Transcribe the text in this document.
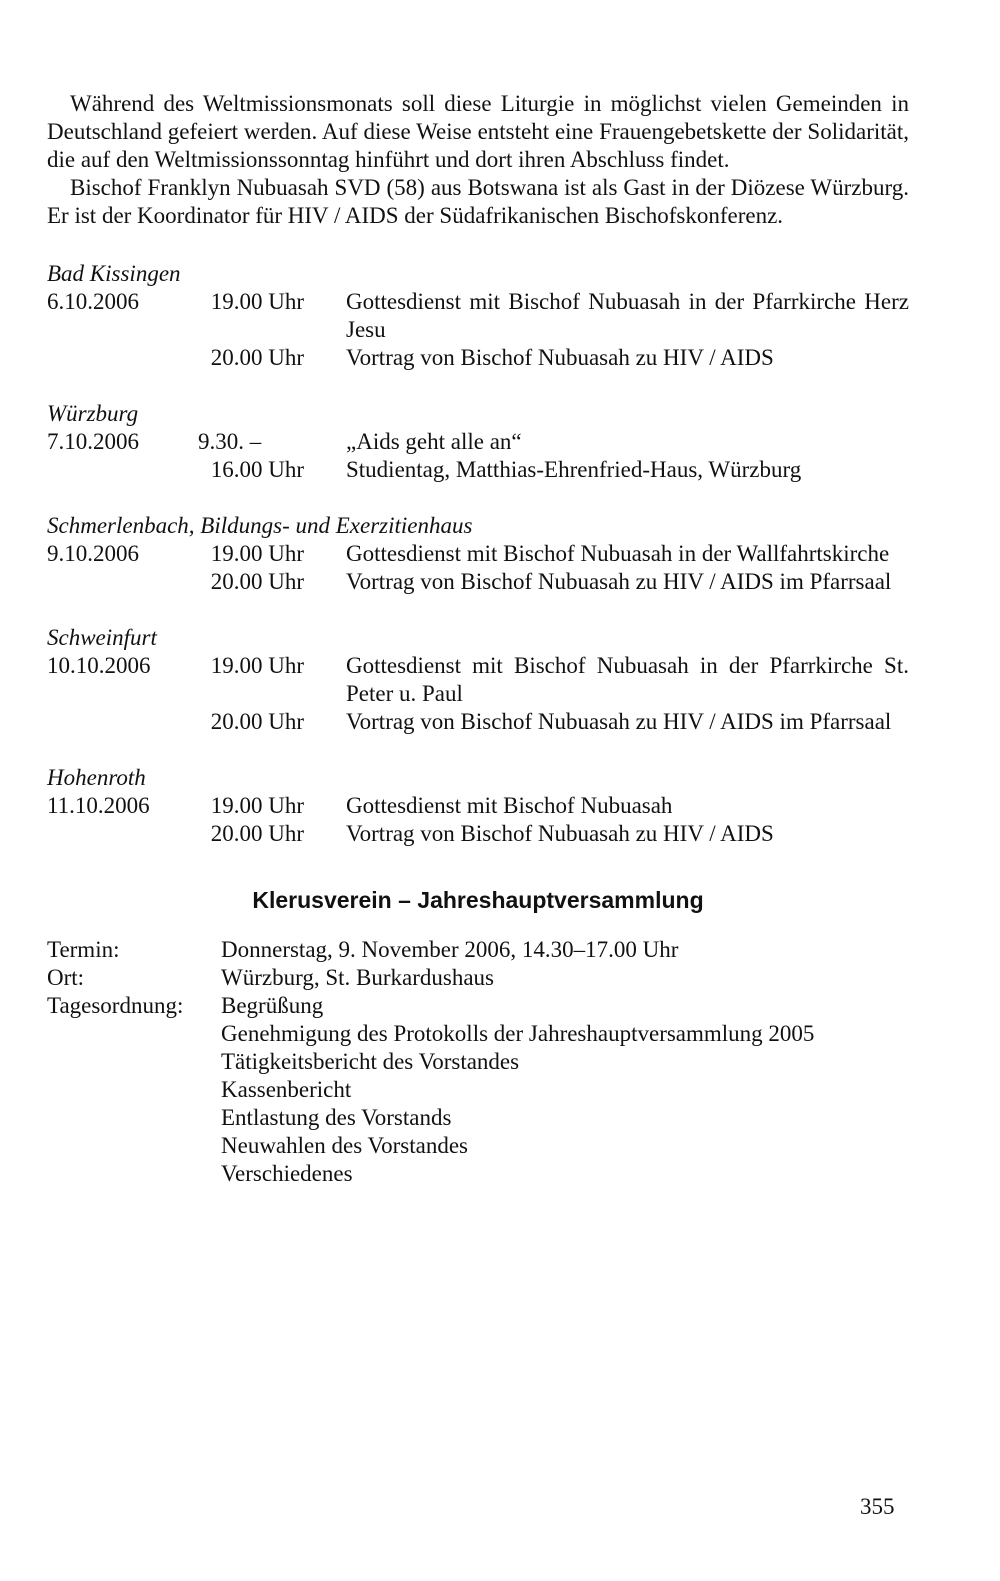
Während des Weltmissionsmonats soll diese Liturgie in möglichst vielen Gemeinden in Deutschland gefeiert werden. Auf diese Weise entsteht eine Frauengebetskette der Solidarität, die auf den Weltmissionssonntag hinführt und dort ihren Abschluss findet.

Bischof Franklyn Nubuasah SVD (58) aus Botswana ist als Gast in der Diözese Würzburg. Er ist der Koordinator für HIV / AIDS der Südafrikanischen Bischofskonferenz.

Bad Kissingen
6.10.2006	19.00 Uhr	Gottesdienst mit Bischof Nubuasah in der Pfarrkirche Herz Jesu
20.00 Uhr	Vortrag von Bischof Nubuasah zu HIV / AIDS
Würzburg
7.10.2006	9.30. –	„Aids geht alle an“
16.00 Uhr	Studientag, Matthias-Ehrenfried-Haus, Würzburg
Schmerlenbach, Bildungs- und Exerzitienhaus
9.10.2006	19.00 Uhr	Gottesdienst mit Bischof Nubuasah in der Wallfahrtskirche
20.00 Uhr	Vortrag von Bischof Nubuasah zu HIV / AIDS im Pfarrsaal
Schweinfurt
10.10.2006	19.00 Uhr	Gottesdienst mit Bischof Nubuasah in der Pfarrkirche St. Peter u. Paul
20.00 Uhr	Vortrag von Bischof Nubuasah zu HIV / AIDS im Pfarrsaal
Hohenroth
11.10.2006	19.00 Uhr	Gottesdienst mit Bischof Nubuasah
20.00 Uhr	Vortrag von Bischof Nubuasah zu HIV / AIDS
Klerusverein – Jahreshauptversammlung
Termin:	Donnerstag, 9. November 2006, 14.30–17.00 Uhr
Ort:	Würzburg, St. Burkardushaus
Tagesordnung:	Begrüßung
Genehmigung des Protokolls der Jahreshauptversammlung 2005
Tätigkeitsbericht des Vorstandes
Kassenbericht
Entlastung des Vorstands
Neuwahlen des Vorstandes
Verschiedenes
355
